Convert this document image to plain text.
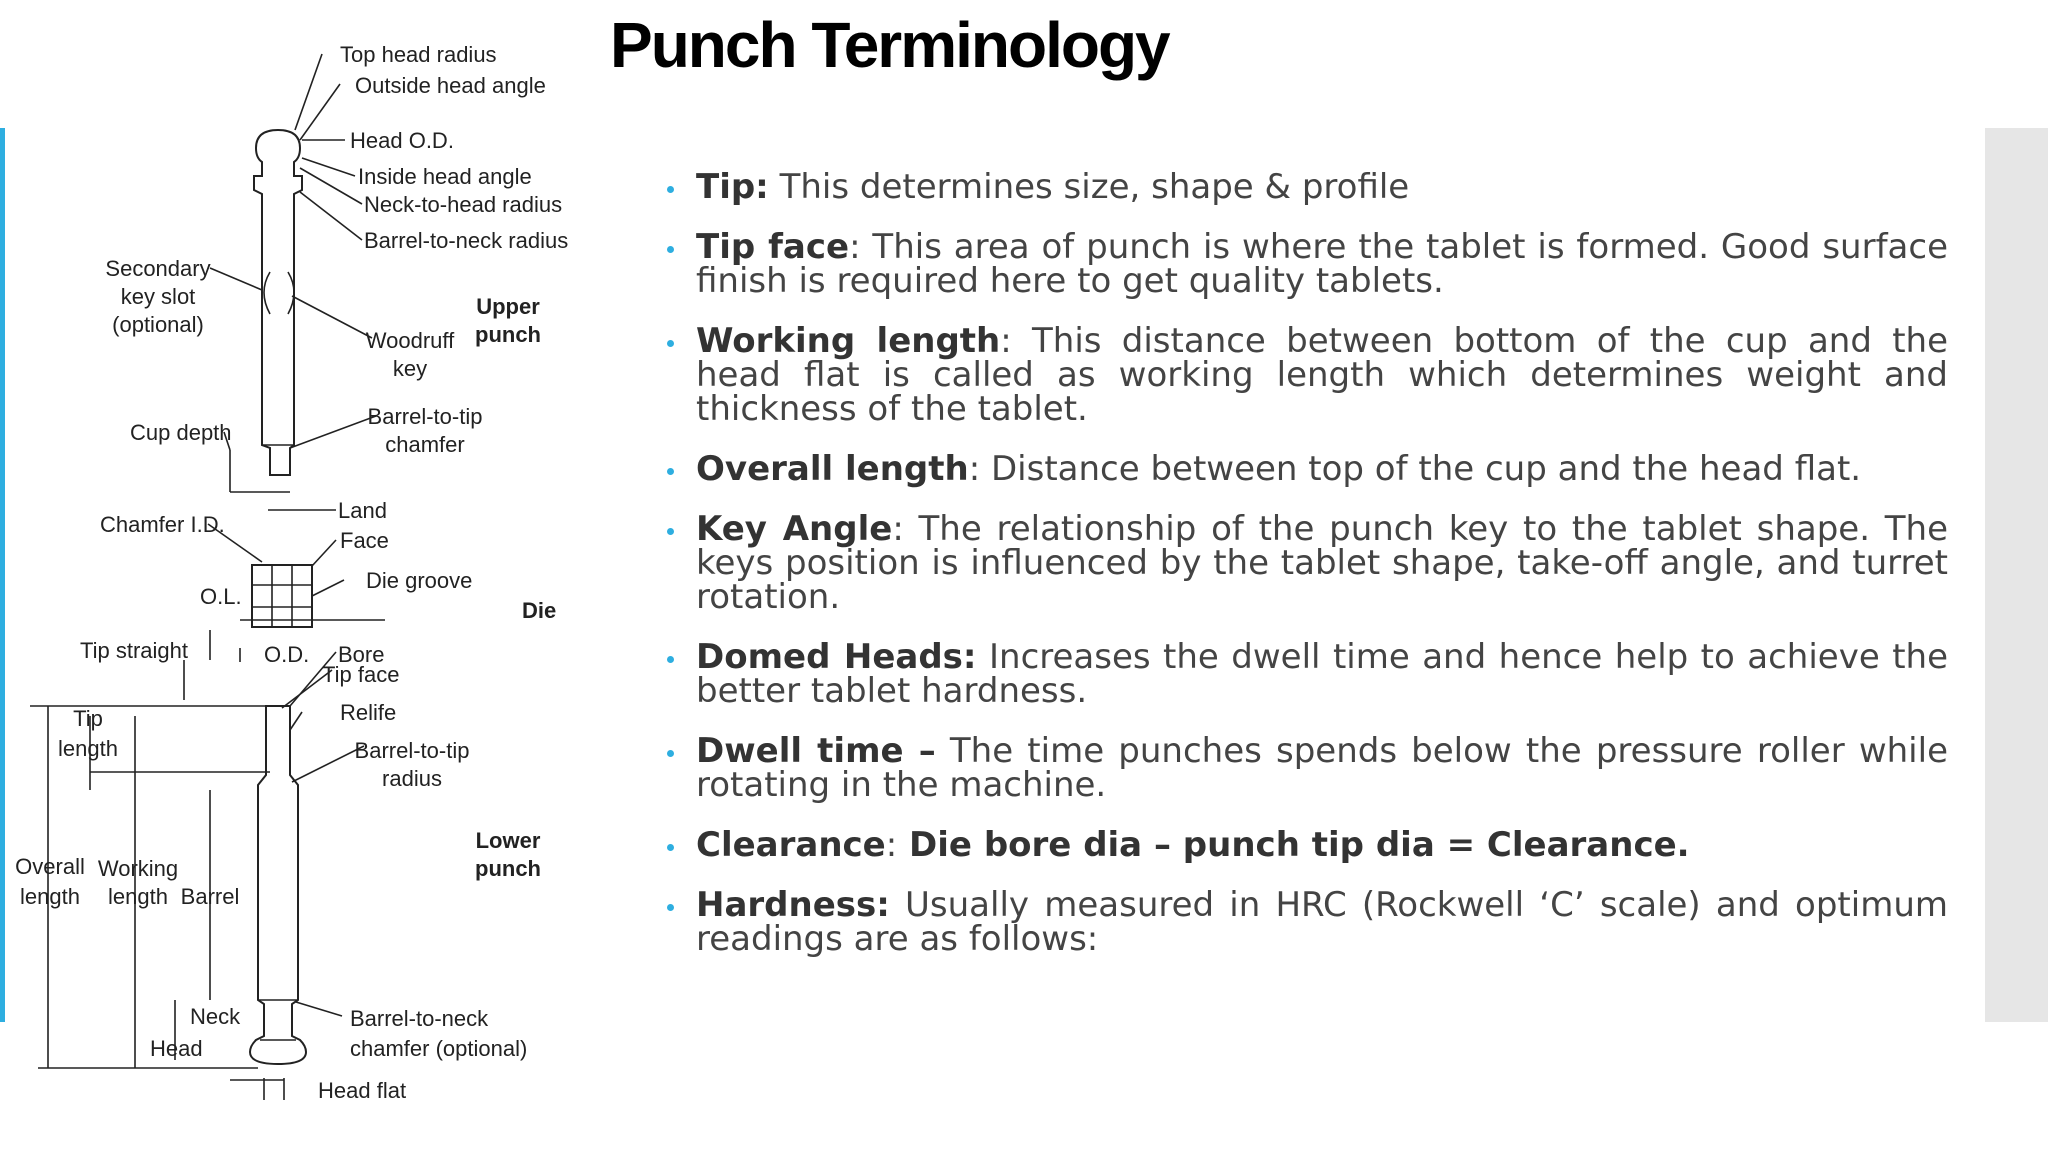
Punch Terminology
Top head radius
Outside head angle
Head O.D.
Inside head angle
Neck-to-head radius
Barrel-to-neck radius
Secondary
key slot
(optional)
Woodruff
key
Upper
punch
Cup depth
Barrel-to-tip
chamfer
Land
Chamfer I.D.
Face
Die groove
O.L.
Die
Tip straight	O.D. Bore
Tip face
Tip
length
Relife
Barrel-to-tip
radius
Lower
punch
Overall
length
Working
length Barrel
Neck
Head
Barrel-to-neck
chamfer (optional)
Head flat
Tip: This determines size, shape & profile
Tip face: This area of punch is where the tablet is formed. Good surface finish is required here to get quality tablets.
Working length: This distance between bottom of the cup and the head flat is called as working length which determines weight and thickness of the tablet.
Overall length: Distance between top of the cup and the head flat.
Key Angle: The relationship of the punch key to the tablet shape. The keys position is influenced by the tablet shape, take-off angle, and turret rotation.
Domed Heads: Increases the dwell time and hence help to achieve the better tablet hardness.
Dwell time – The time punches spends below the pressure roller while rotating in the machine.
Clearance: Die bore dia – punch tip dia = Clearance.
Hardness: Usually measured in HRC (Rockwell ‘C’ scale) and optimum readings are as follows:
